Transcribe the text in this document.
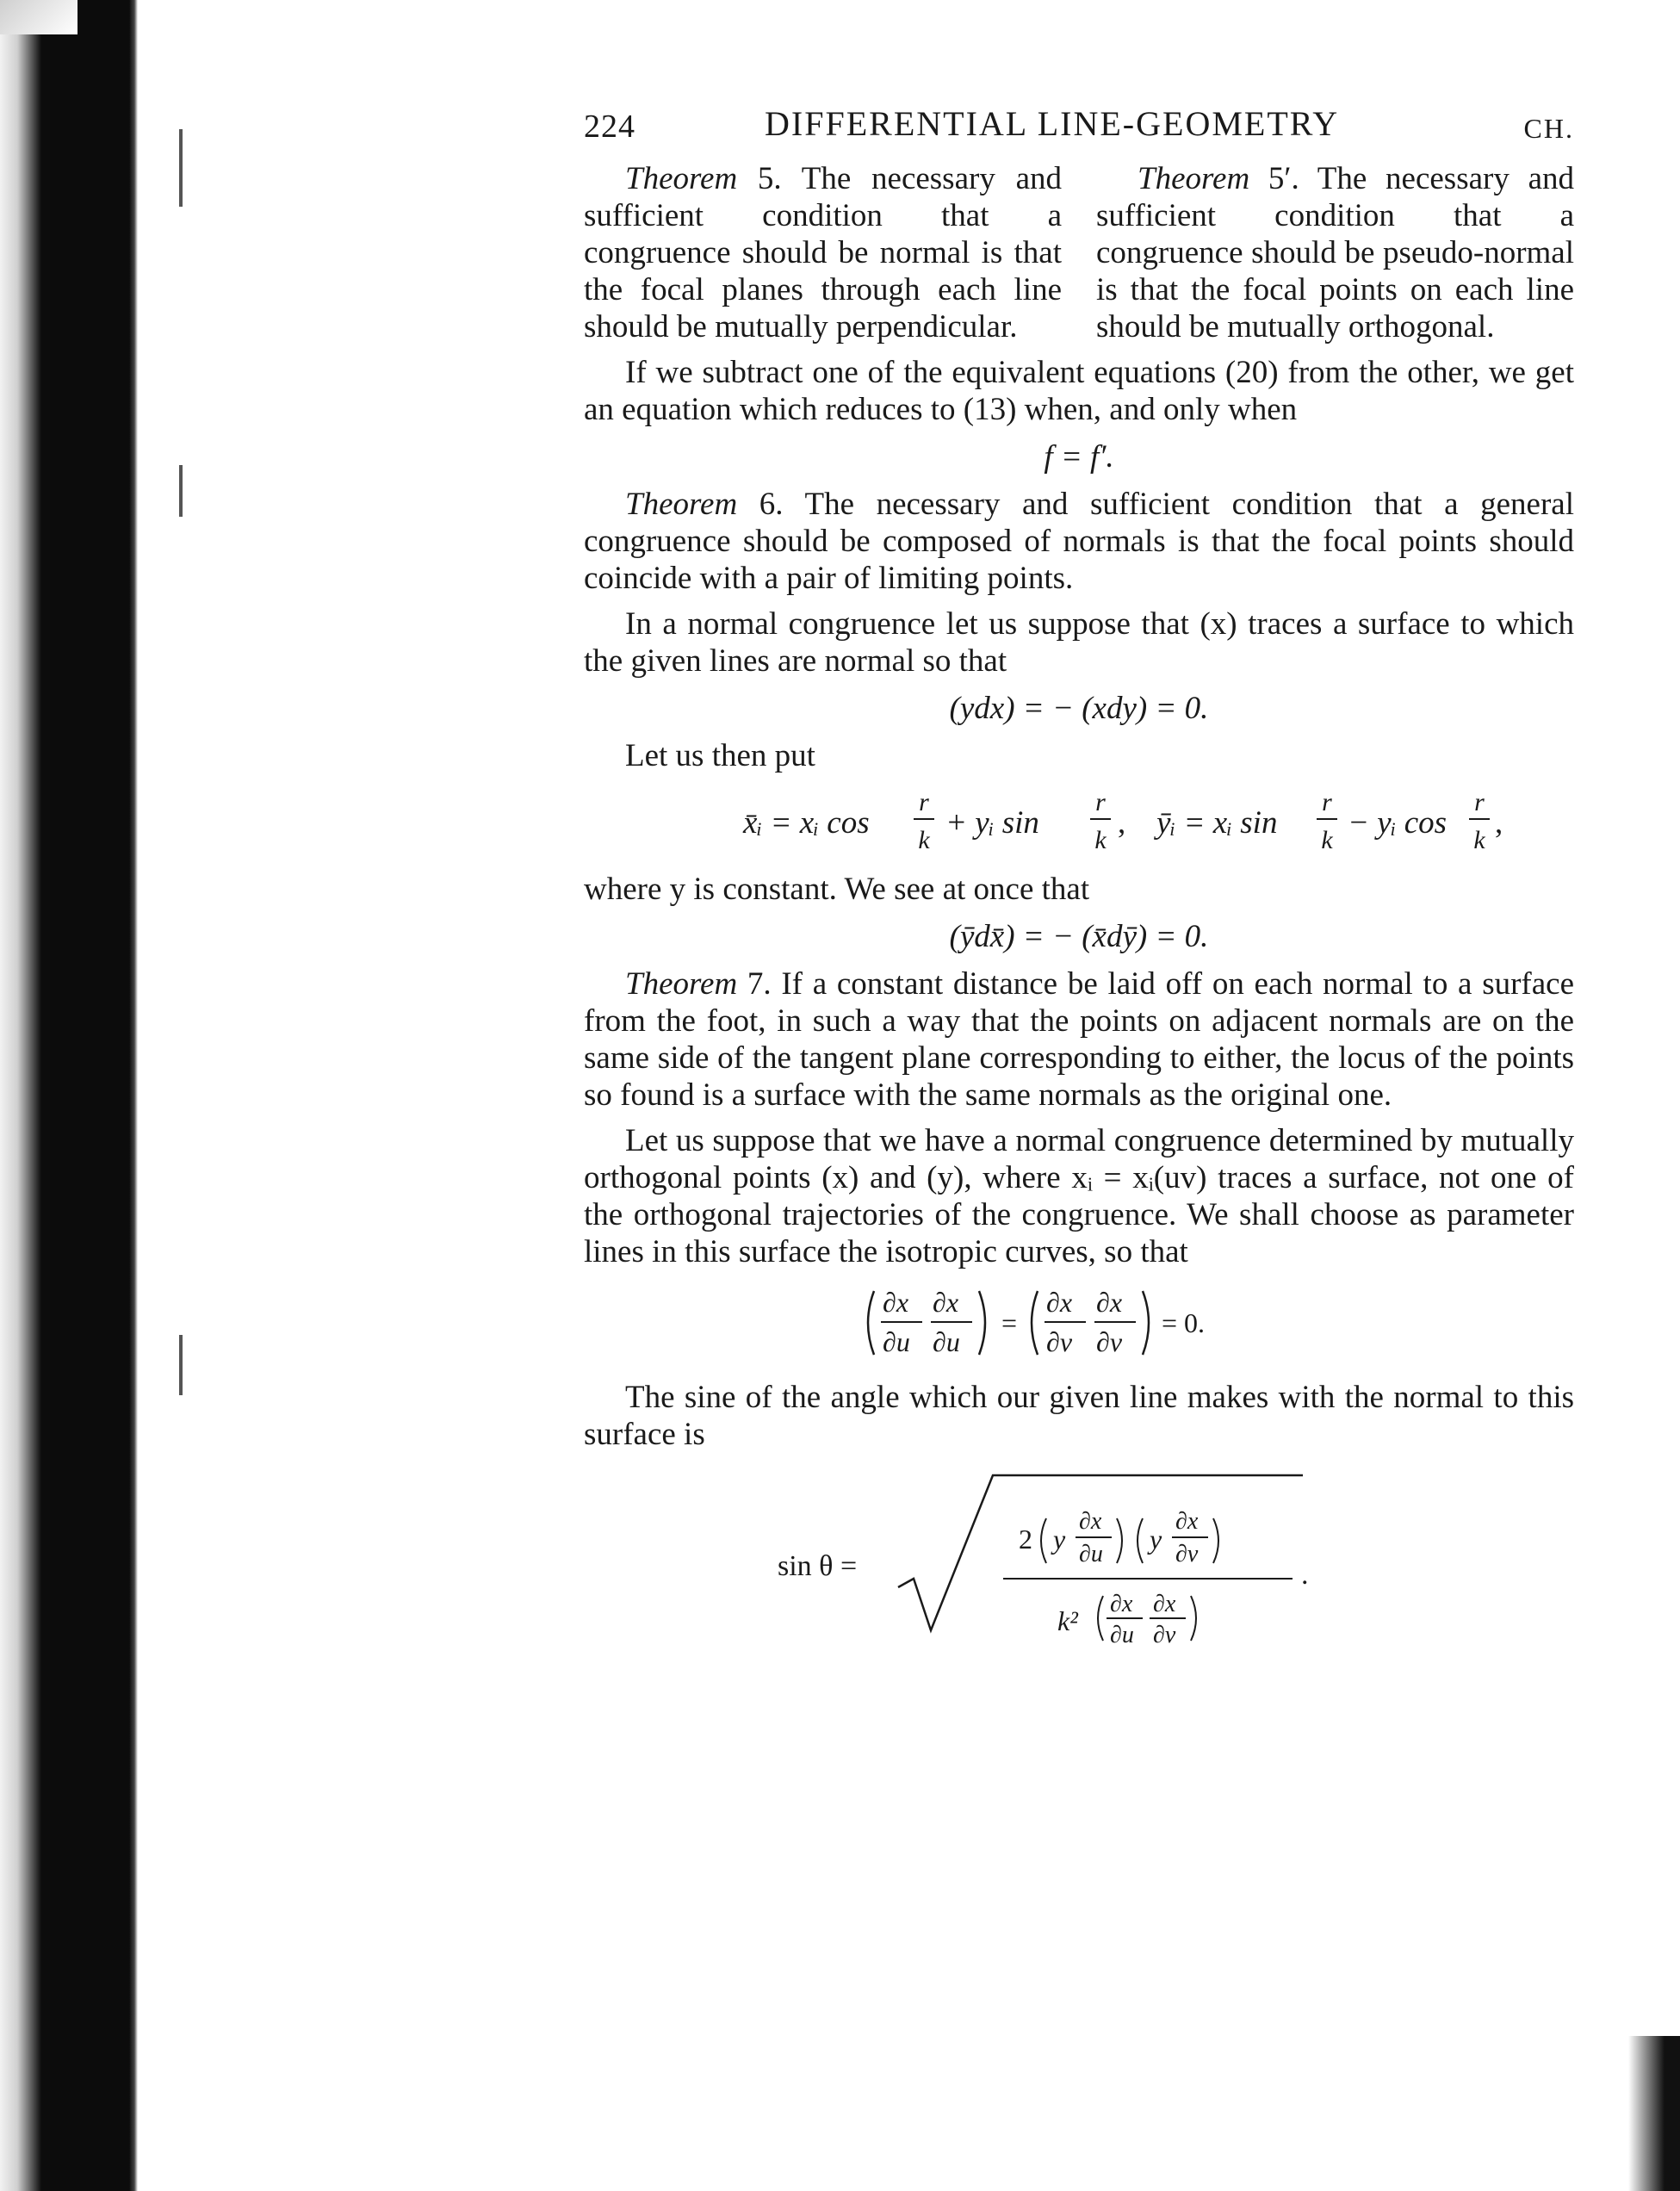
224	DIFFERENTIAL LINE-GEOMETRY	CH.

Theorem 5. The necessary and sufficient condition that a congruence should be normal is that the focal planes through each line should be mutually perpendicular.

Theorem 5′. The necessary and sufficient condition that a congruence should be pseudo-normal is that the focal points on each line should be mutually orthogonal.

If we subtract one of the equivalent equations (20) from the other, we get an equation which reduces to (13) when, and only when

f = f′.

Theorem 6. The necessary and sufficient condition that a general congruence should be composed of normals is that the focal points should coincide with a pair of limiting points.

In a normal congruence let us suppose that (x) traces a surface to which the given lines are normal so that

(ydx) = − (xdy) = 0.

Let us then put

x̄ᵢ = xᵢ cos
r
k + yᵢ sin
r
k , ȳᵢ = xᵢ sin
r
k − yᵢ cos
r
k ,

where y is constant. We see at once that

(ȳdx̄) = − (x̄dȳ) = 0.

Theorem 7. If a constant distance be laid off on each normal to a surface from the foot, in such a way that the points on adjacent normals are on the same side of the tangent plane corresponding to either, the locus of the points so found is a surface with the same normals as the original one.

Let us suppose that we have a normal congruence determined by mutually orthogonal points (x) and (y), where xᵢ = xᵢ(uv) traces a surface, not one of the orthogonal trajectories of the congruence. We shall choose as parameter lines in this surface the isotropic curves, so that

∂x
∂u
∂x
∂u
=
∂x
∂v
∂x
∂v
= 0.

The sine of the angle which our given line makes with the normal to this surface is

sin θ =
2 y
∂x
∂u y
∂x
∂v
k²
∂x
∂u
∂x
∂v
.
